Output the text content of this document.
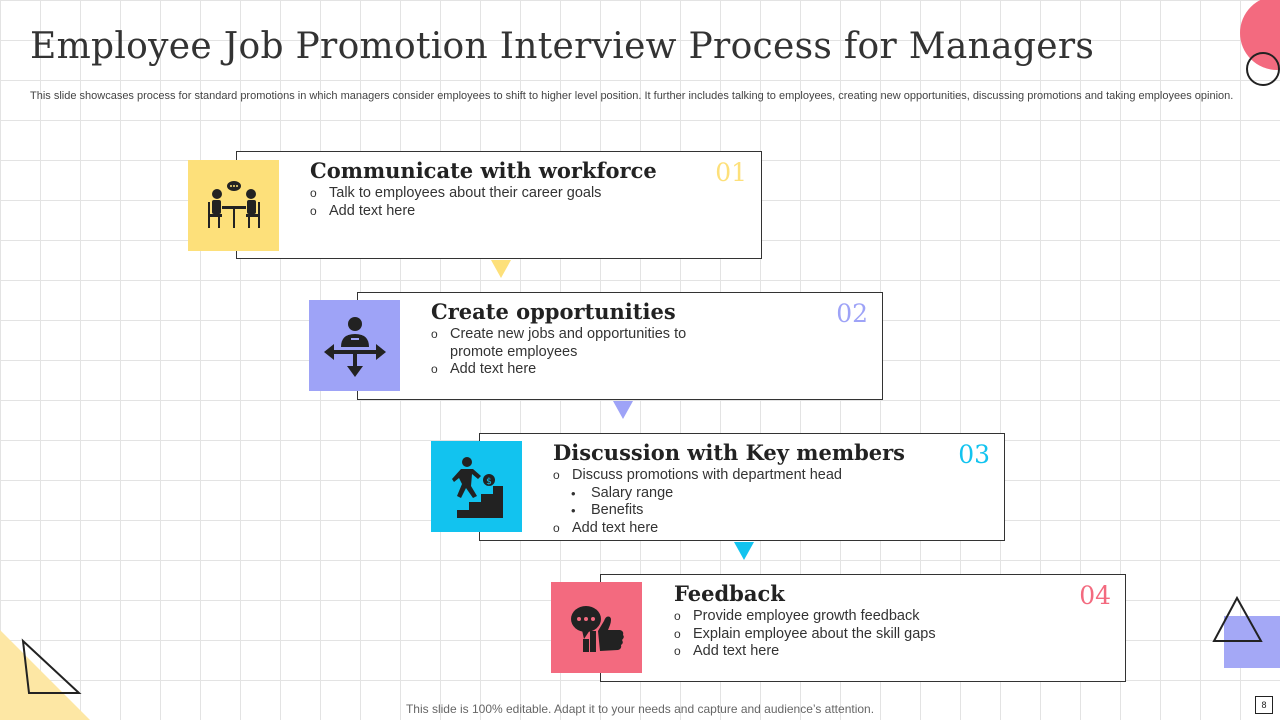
Employee Job Promotion Interview Process for Managers

This slide showcases process for standard promotions in which managers consider employees to shift to higher level position. It further includes talking to employees, creating new opportunities, discussing promotions and taking employees opinion.

Communicate with workforce 01
o Talk to employees about their career goals
o Add text here
Create opportunities	02
o Create new jobs and opportunities to
promote employees
o Add text here
Discussion with Key members 03
o Discuss promotions with department head
• Salary range
• Benefits
o Add text here
$
Feedback	04
o Provide employee growth feedback
o Explain employee about the skill gaps
o Add text here
This slide is 100% editable. Adapt it to your needs and capture and audience’s attention.	8
